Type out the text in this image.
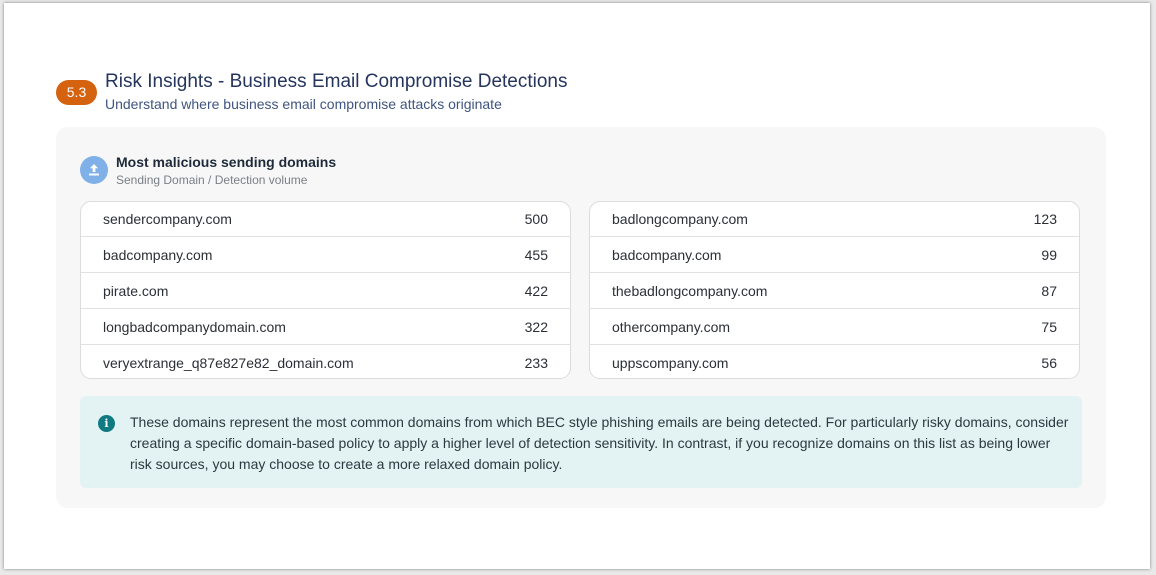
5.3 Risk Insights - Business Email Compromise Detections
Understand where business email compromise attacks originate
Most malicious sending domains
Sending Domain / Detection volume
sendercompany.com	500
badcompany.com	455
pirate.com	422
longbadcompanydomain.com	322
veryextrange_q87e827e82_domain.com	233
badlongcompany.com	123
badcompany.com	99
thebadlongcompany.com	87
othercompany.com	75
uppscompany.com	56
i	These domains represent the most common domains from which BEC style phishing emails are being detected. For particularly risky domains, consider creating a specific domain-based policy to apply a higher level of detection sensitivity. In contrast, if you recognize domains on this list as being lower risk sources, you may choose to create a more relaxed domain policy.
